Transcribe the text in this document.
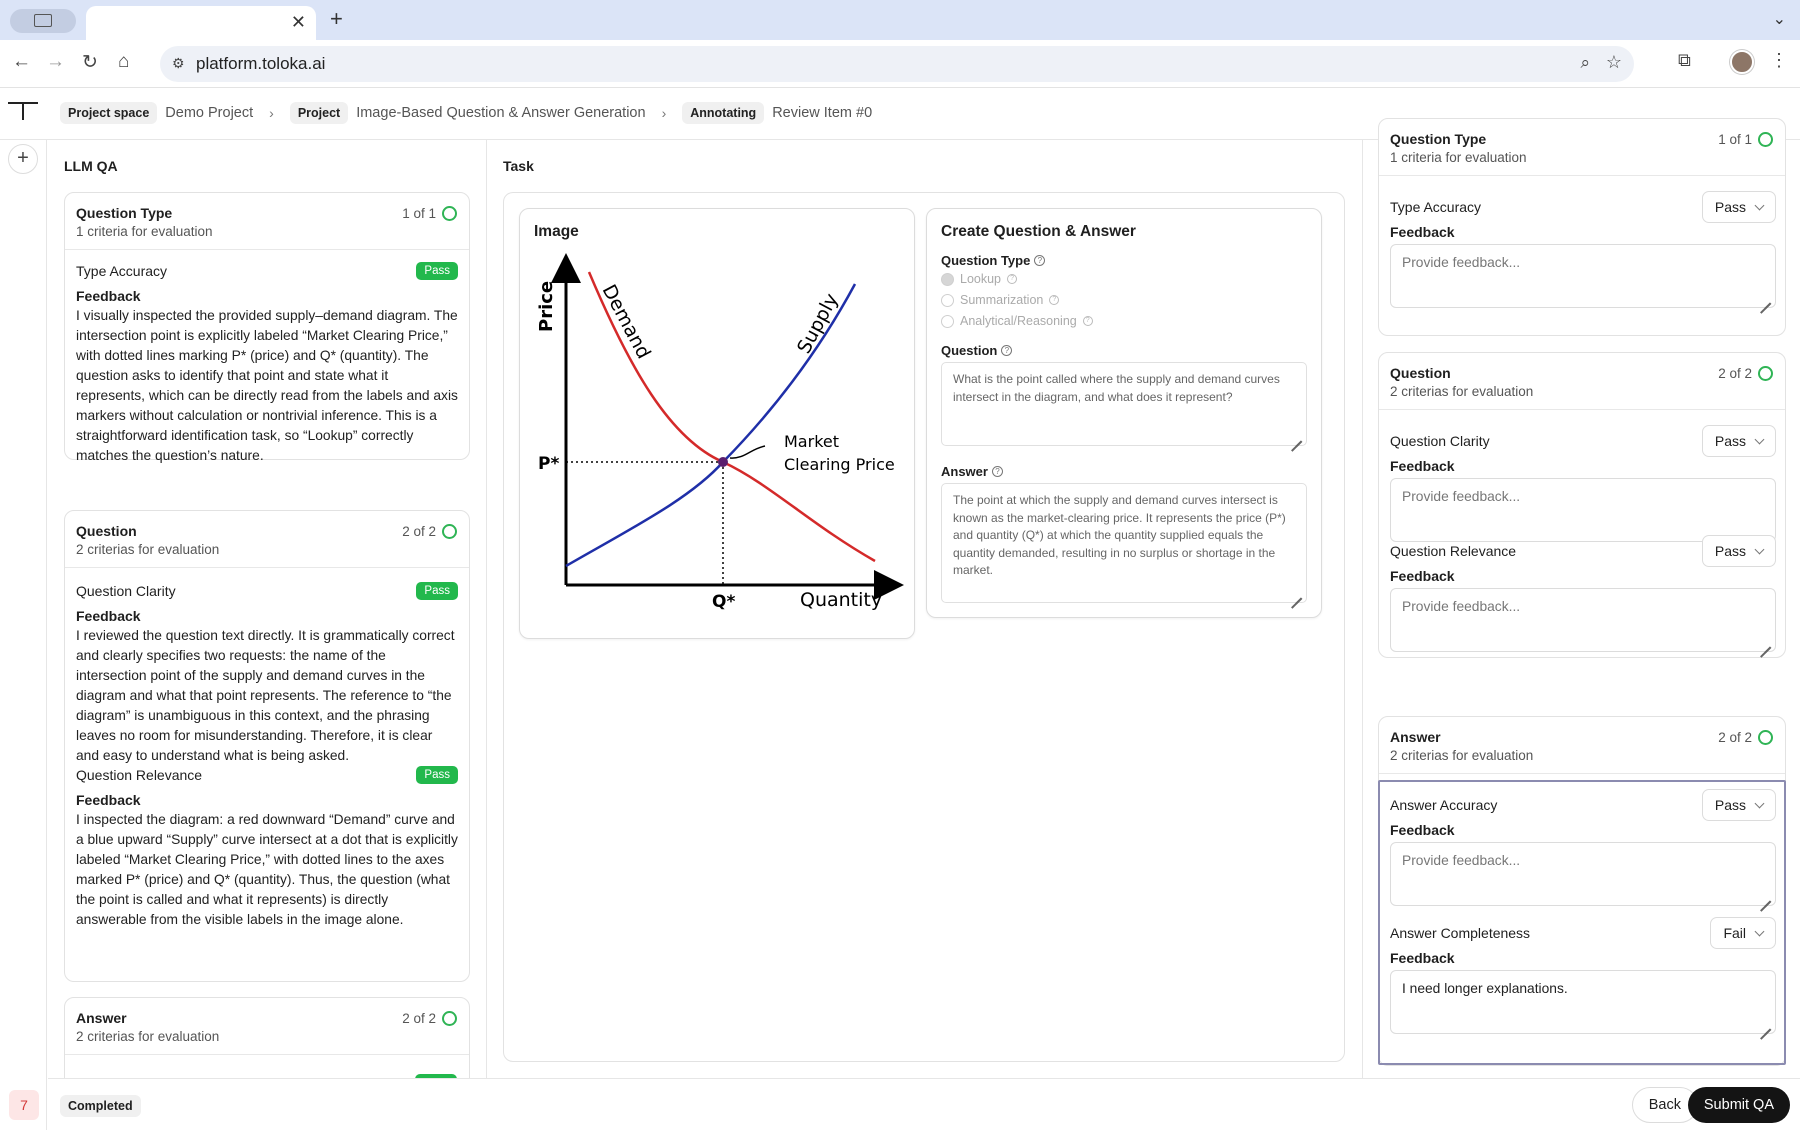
✕ +	⌄
← → ↻ ⌂	⚙ platform.toloka.ai	⌕ ☆	⧉	⋮
Project space	Demo Project ›	Project	Image-Based Question & Answer Generation ›	Annotating	Review Item #0
+
7
LLM QA
Question Type
1 criteria for evaluation
1 of 1
Type Accuracy	Pass
Feedback
I visually inspected the provided supply–demand diagram. The intersection point is explicitly labeled “Market Clearing Price,” with dotted lines marking P* (price) and Q* (quantity). The question asks to identify that point and state what it represents, which can be directly read from the labels and axis markers without calculation or nontrivial inference. This is a straightforward identification task, so “Lookup” correctly matches the question’s nature.
Question
2 criterias for evaluation
2 of 2
Question Clarity	Pass
Feedback
I reviewed the question text directly. It is grammatically correct and clearly specifies two requests: the name of the intersection point of the supply and demand curves in the diagram and what that point represents. The reference to “the diagram” is unambiguous in this context, and the phrasing leaves no room for misunderstanding. Therefore, it is clear and easy to understand what is being asked.
Question Relevance	Pass
Feedback
I inspected the diagram: a red downward “Demand” curve and a blue upward “Supply” curve intersect at a dot that is explicitly labeled “Market Clearing Price,” with dotted lines to the axes marked P* (price) and Q* (quantity). Thus, the question (what the point is called and what it represents) is directly answerable from the visible labels in the image alone.
Answer
2 criterias for evaluation
2 of 2
Task
Image
Price
Quantity
Demand	Supply
P*
Q*
Market
Clearing Price
Create Question & Answer
Question Type ?
Lookup	?
Summarization	?
Analytical/Reasoning	?
Question ?
What is the point called where the supply and demand curves intersect in the diagram, and what does it represent?
Answer ?
The point at which the supply and demand curves intersect is known as the market-clearing price. It represents the price (P*) and quantity (Q*) at which the quantity supplied equals the quantity demanded, resulting in no surplus or shortage in the market.
Question Type
1 criteria for evaluation
1 of 1
Type Accuracy	Pass
Feedback
Provide feedback...
Question
2 criterias for evaluation
2 of 2
Question Clarity	Pass
Feedback
Provide feedback...
Question Relevance	Pass
Feedback
Provide feedback...
Answer
2 criterias for evaluation
2 of 2
Answer Accuracy	Pass
Feedback
Provide feedback...
Answer Completeness	Fail
Feedback
I need longer explanations.
Completed	Back	Submit QA
